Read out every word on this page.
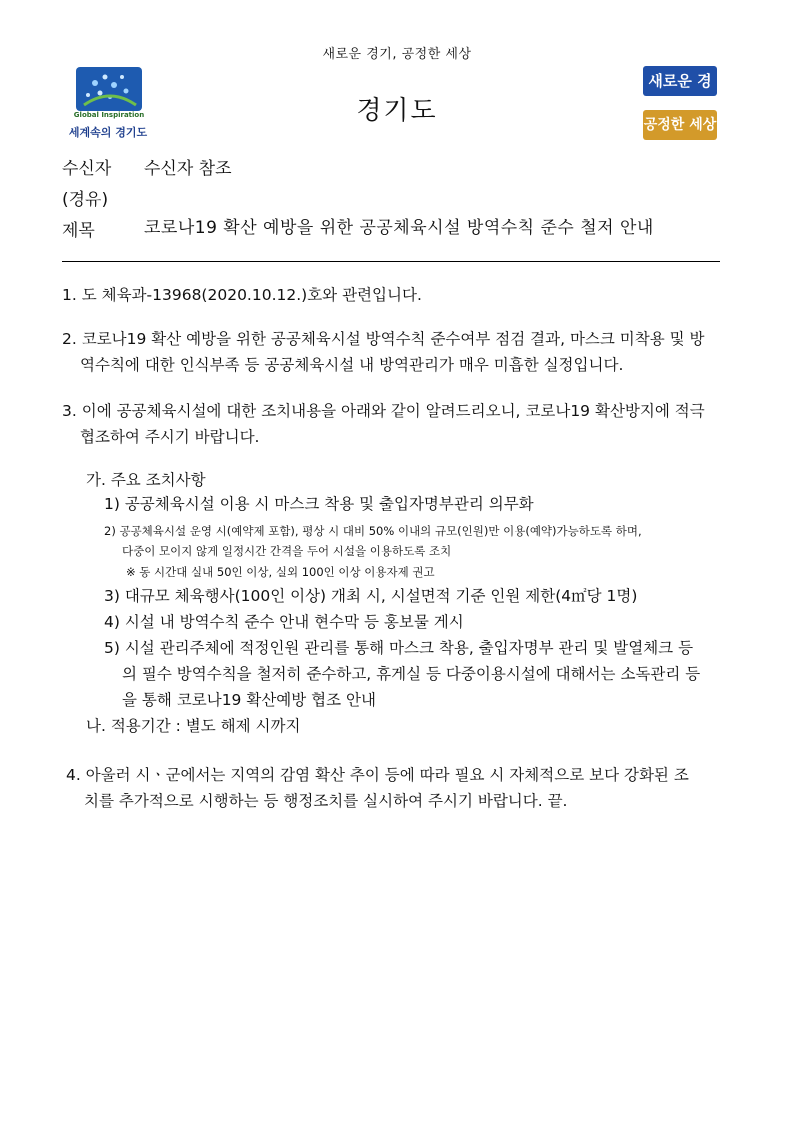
새로운 경기, 공정한 세상
Global Inspiration
세계속의 경기도
경기도
새로운 경
공정한 세상
수신자 수신자 참조
(경유)
제목	코로나19 확산 예방을 위한 공공체육시설 방역수칙 준수 철저 안내
1. 도 체육과-13968(2020.10.12.)호와 관련입니다.
2. 코로나19 확산 예방을 위한 공공체육시설 방역수칙 준수여부 점검 결과, 마스크 미착용 및 방
역수칙에 대한 인식부족 등 공공체육시설 내 방역관리가 매우 미흡한 실정입니다.
3. 이에 공공체육시설에 대한 조치내용을 아래와 같이 알려드리오니, 코로나19 확산방지에 적극
협조하여 주시기 바랍니다.
가. 주요 조치사항
1) 공공체육시설 이용 시 마스크 착용 및 출입자명부관리 의무화
2) 공공체육시설 운영 시(예약제 포함), 평상 시 대비 50% 이내의 규모(인원)만 이용(예약)가능하도록 하며,
다중이 모이지 않게 일정시간 간격을 두어 시설을 이용하도록 조치
※ 동 시간대 실내 50인 이상, 실외 100인 이상 이용자제 권고
3) 대규모 체육행사(100인 이상) 개최 시, 시설면적 기준 인원 제한(4㎡당 1명)
4) 시설 내 방역수칙 준수 안내 현수막 등 홍보물 게시
5) 시설 관리주체에 적정인원 관리를 통해 마스크 착용, 출입자명부 관리 및 발열체크 등
의 필수 방역수칙을 철저히 준수하고, 휴게실 등 다중이용시설에 대해서는 소독관리 등
을 통해 코로나19 확산예방 협조 안내
나. 적용기간 : 별도 해제 시까지
4. 아울러 시ㆍ군에서는 지역의 감염 확산 추이 등에 따라 필요 시 자체적으로 보다 강화된 조
치를 추가적으로 시행하는 등 행정조치를 실시하여 주시기 바랍니다. 끝.
